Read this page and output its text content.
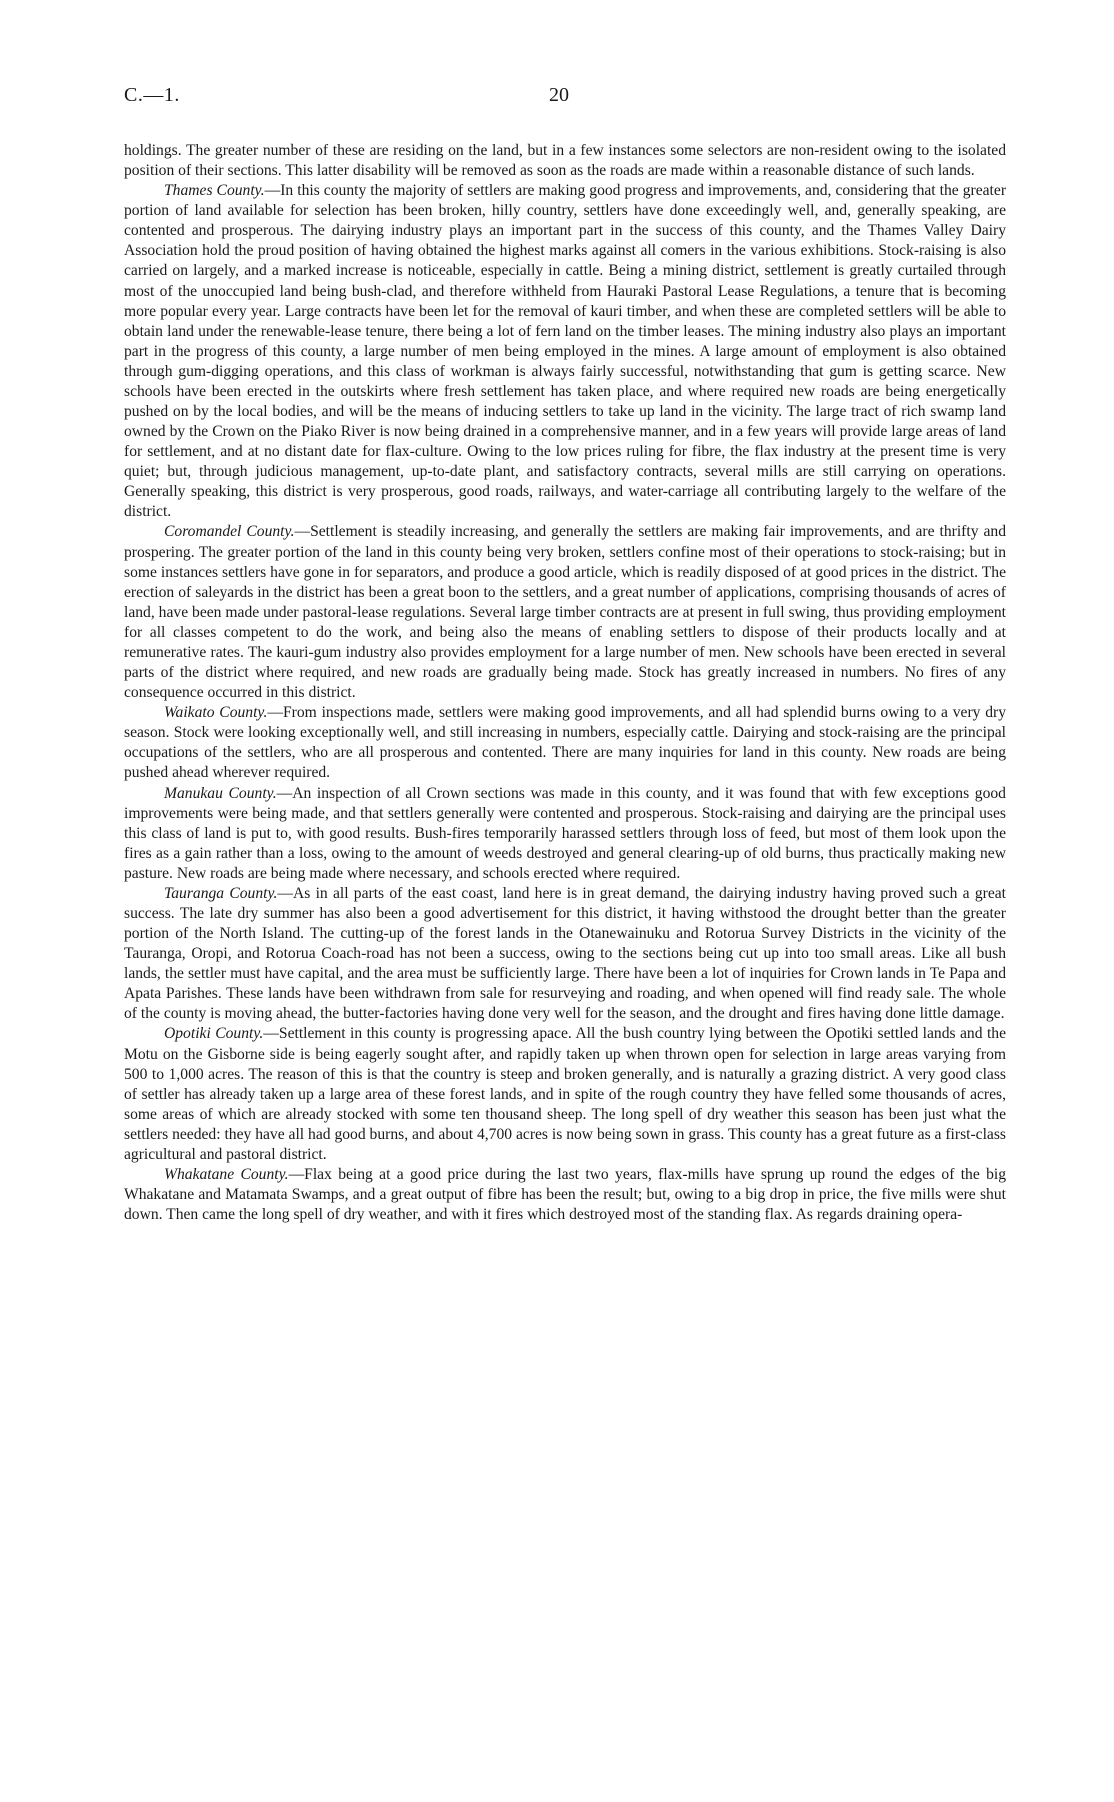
C.—1.	20

holdings. The greater number of these are residing on the land, but in a few instances some selectors are non-resident owing to the isolated position of their sections. This latter disability will be removed as soon as the roads are made within a reasonable distance of such lands.

Thames County.—In this county the majority of settlers are making good progress and improvements, and, considering that the greater portion of land available for selection has been broken, hilly country, settlers have done exceedingly well, and, generally speaking, are contented and prosperous. The dairying industry plays an important part in the success of this county, and the Thames Valley Dairy Association hold the proud position of having obtained the highest marks against all comers in the various exhibitions. Stock-raising is also carried on largely, and a marked increase is noticeable, especially in cattle. Being a mining district, settlement is greatly curtailed through most of the unoccupied land being bush-clad, and therefore withheld from Hauraki Pastoral Lease Regulations, a tenure that is becoming more popular every year. Large contracts have been let for the removal of kauri timber, and when these are completed settlers will be able to obtain land under the renewable-lease tenure, there being a lot of fern land on the timber leases. The mining industry also plays an important part in the progress of this county, a large number of men being employed in the mines. A large amount of employment is also obtained through gum-digging operations, and this class of workman is always fairly successful, notwithstanding that gum is getting scarce. New schools have been erected in the outskirts where fresh settlement has taken place, and where required new roads are being energetically pushed on by the local bodies, and will be the means of inducing settlers to take up land in the vicinity. The large tract of rich swamp land owned by the Crown on the Piako River is now being drained in a comprehensive manner, and in a few years will provide large areas of land for settlement, and at no distant date for flax-culture. Owing to the low prices ruling for fibre, the flax industry at the present time is very quiet; but, through judicious management, up-to-date plant, and satisfactory contracts, several mills are still carrying on operations. Generally speaking, this district is very prosperous, good roads, railways, and water-carriage all contributing largely to the welfare of the district.

Coromandel County.—Settlement is steadily increasing, and generally the settlers are making fair improvements, and are thrifty and prospering. The greater portion of the land in this county being very broken, settlers confine most of their operations to stock-raising; but in some instances settlers have gone in for separators, and produce a good article, which is readily disposed of at good prices in the district. The erection of saleyards in the district has been a great boon to the settlers, and a great number of applications, comprising thousands of acres of land, have been made under pastoral-lease regulations. Several large timber contracts are at present in full swing, thus providing employment for all classes competent to do the work, and being also the means of enabling settlers to dispose of their products locally and at remunerative rates. The kauri-gum industry also provides employment for a large number of men. New schools have been erected in several parts of the district where required, and new roads are gradually being made. Stock has greatly increased in numbers. No fires of any consequence occurred in this district.

Waikato County.—From inspections made, settlers were making good improvements, and all had splendid burns owing to a very dry season. Stock were looking exceptionally well, and still increasing in numbers, especially cattle. Dairying and stock-raising are the principal occupations of the settlers, who are all prosperous and contented. There are many inquiries for land in this county. New roads are being pushed ahead wherever required.

Manukau County.—An inspection of all Crown sections was made in this county, and it was found that with few exceptions good improvements were being made, and that settlers generally were contented and prosperous. Stock-raising and dairying are the principal uses this class of land is put to, with good results. Bush-fires temporarily harassed settlers through loss of feed, but most of them look upon the fires as a gain rather than a loss, owing to the amount of weeds destroyed and general clearing-up of old burns, thus practically making new pasture. New roads are being made where necessary, and schools erected where required.

Tauranga County.—As in all parts of the east coast, land here is in great demand, the dairying industry having proved such a great success. The late dry summer has also been a good advertisement for this district, it having withstood the drought better than the greater portion of the North Island. The cutting-up of the forest lands in the Otanewainuku and Rotorua Survey Districts in the vicinity of the Tauranga, Oropi, and Rotorua Coach-road has not been a success, owing to the sections being cut up into too small areas. Like all bush lands, the settler must have capital, and the area must be sufficiently large. There have been a lot of inquiries for Crown lands in Te Papa and Apata Parishes. These lands have been withdrawn from sale for resurveying and roading, and when opened will find ready sale. The whole of the county is moving ahead, the butter-factories having done very well for the season, and the drought and fires having done little damage.

Opotiki County.—Settlement in this county is progressing apace. All the bush country lying between the Opotiki settled lands and the Motu on the Gisborne side is being eagerly sought after, and rapidly taken up when thrown open for selection in large areas varying from 500 to 1,000 acres. The reason of this is that the country is steep and broken generally, and is naturally a grazing district. A very good class of settler has already taken up a large area of these forest lands, and in spite of the rough country they have felled some thousands of acres, some areas of which are already stocked with some ten thousand sheep. The long spell of dry weather this season has been just what the settlers needed: they have all had good burns, and about 4,700 acres is now being sown in grass. This county has a great future as a first-class agricultural and pastoral district.

Whakatane County.—Flax being at a good price during the last two years, flax-mills have sprung up round the edges of the big Whakatane and Matamata Swamps, and a great output of fibre has been the result; but, owing to a big drop in price, the five mills were shut down. Then came the long spell of dry weather, and with it fires which destroyed most of the standing flax. As regards draining opera-
